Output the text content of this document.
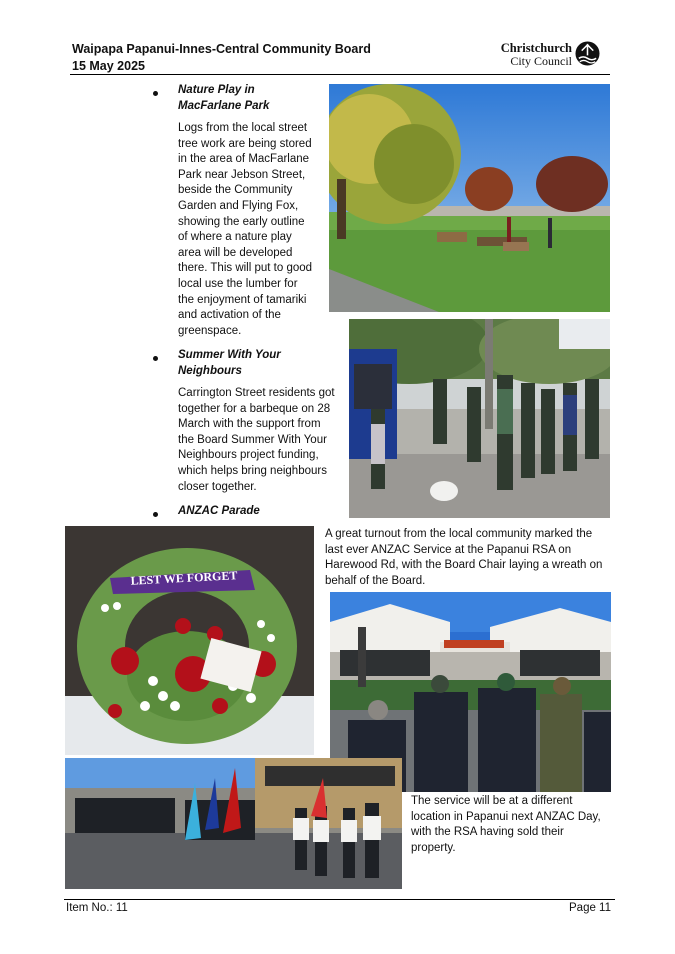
Waipapa Papanui-Innes-Central Community Board
15 May 2025
Christchurch
City Council
Nature Play in
MacFarlane Park
Logs from the local street
tree work are being stored
in the area of MacFarlane
Park near Jebson Street,
beside the Community
Garden and Flying Fox,
showing the early outline
of where a nature play
area will be developed
there. This will put to good
local use the lumber for
the enjoyment of tamariki
and activation of the
greenspace.
Summer With Your
Neighbours
Carrington Street residents got
together for a barbeque on 28
March with the support from
the Board Summer With Your
Neighbours project funding,
which helps bring neighbours
closer together.
ANZAC Parade
LEST WE FORGET
A great turnout from the local community marked the
last ever ANZAC Service at the Papanui RSA on
Harewood Rd, with the Board Chair laying a wreath on
behalf of the Board.
The service will be at a different
location in Papanui next ANZAC Day,
with the RSA having sold their
property.
Item No.: 11	Page 11
